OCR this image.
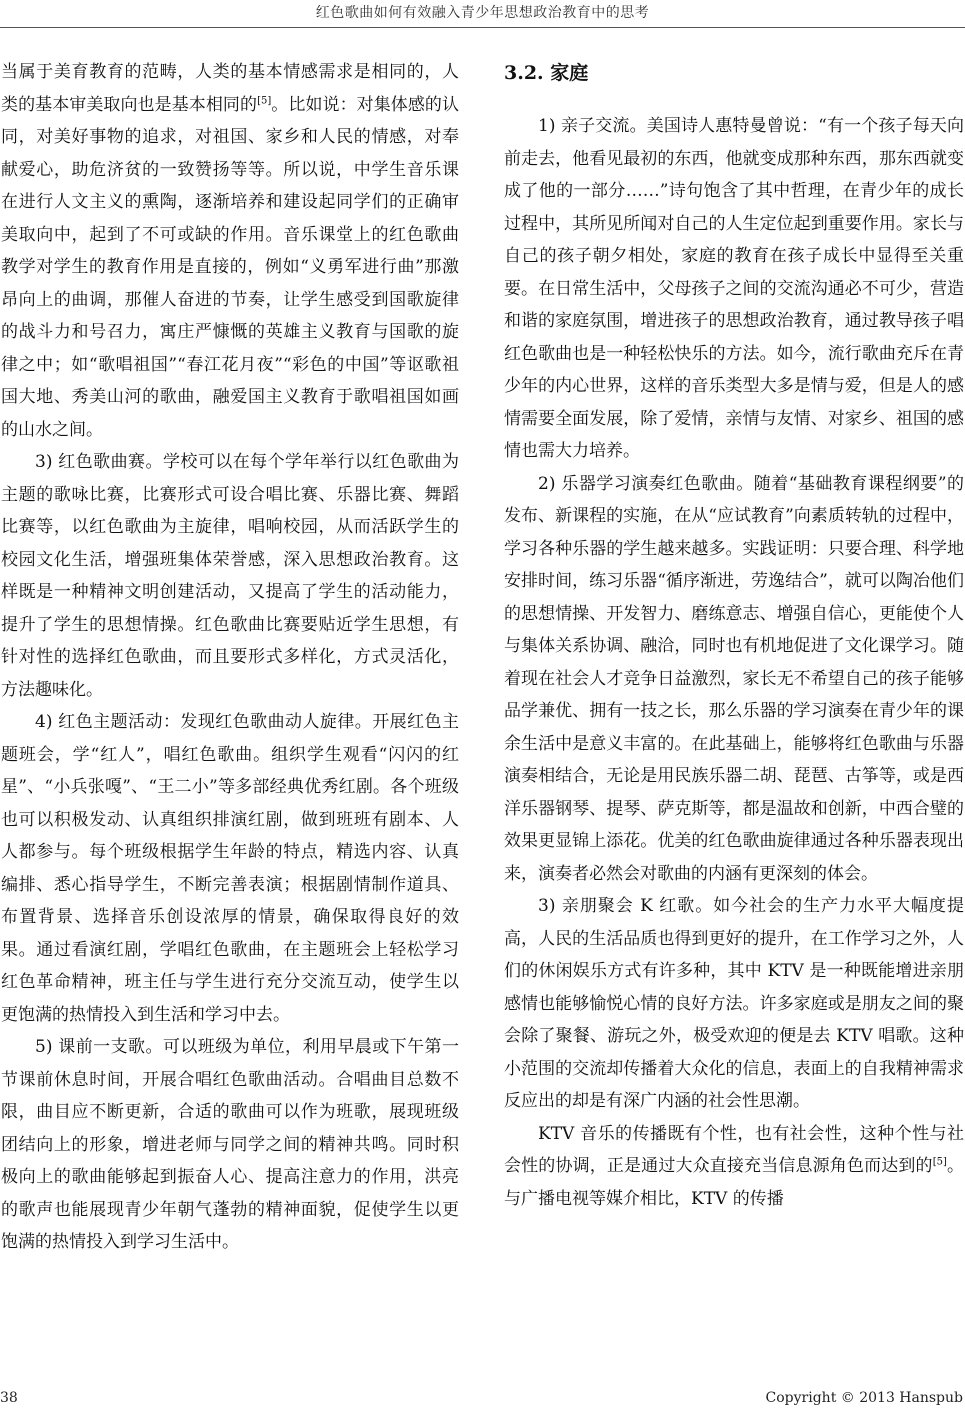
红色歌曲如何有效融入青少年思想政治教育中的思考

当属于美育教育的范畴，人类的基本情感需求是相同的，人类的基本审美取向也是基本相同的[5]。比如说：对集体感的认同，对美好事物的追求，对祖国、家乡和人民的情感，对奉献爱心，助危济贫的一致赞扬等等。所以说，中学生音乐课在进行人文主义的熏陶，逐渐培养和建设起同学们的正确审美取向中，起到了不可或缺的作用。音乐课堂上的红色歌曲教学对学生的教育作用是直接的，例如“义勇军进行曲”那激昂向上的曲调，那催人奋进的节奏，让学生感受到国歌旋律的战斗力和号召力，寓庄严慷慨的英雄主义教育与国歌的旋律之中；如“歌唱祖国”“春江花月夜”“彩色的中国”等讴歌祖国大地、秀美山河的歌曲，融爱国主义教育于歌唱祖国如画的山水之间。

3) 红色歌曲赛。学校可以在每个学年举行以红色歌曲为主题的歌咏比赛，比赛形式可设合唱比赛、乐器比赛、舞蹈比赛等，以红色歌曲为主旋律，唱响校园，从而活跃学生的校园文化生活，增强班集体荣誉感，深入思想政治教育。这样既是一种精神文明创建活动，又提高了学生的活动能力，提升了学生的思想情操。红色歌曲比赛要贴近学生思想，有针对性的选择红色歌曲，而且要形式多样化，方式灵活化，方法趣味化。

4) 红色主题活动：发现红色歌曲动人旋律。开展红色主题班会，学“红人”，唱红色歌曲。组织学生观看“闪闪的红星”、“小兵张嘎”、“王二小”等多部经典优秀红剧。各个班级也可以积极发动、认真组织排演红剧，做到班班有剧本、人人都参与。每个班级根据学生年龄的特点，精选内容、认真编排、悉心指导学生，不断完善表演；根据剧情制作道具、布置背景、选择音乐创设浓厚的情景，确保取得良好的效果。通过看演红剧，学唱红色歌曲，在主题班会上轻松学习红色革命精神，班主任与学生进行充分交流互动，使学生以更饱满的热情投入到生活和学习中去。

5) 课前一支歌。可以班级为单位，利用早晨或下午第一节课前休息时间，开展合唱红色歌曲活动。合唱曲目总数不限，曲目应不断更新，合适的歌曲可以作为班歌，展现班级团结向上的形象，增进老师与同学之间的精神共鸣。同时积极向上的歌曲能够起到振奋人心、提高注意力的作用，洪亮的歌声也能展现青少年朝气蓬勃的精神面貌，促使学生以更饱满的热情投入到学习生活中。

3.2. 家庭

1) 亲子交流。美国诗人惠特曼曾说：“有一个孩子每天向前走去，他看见最初的东西，他就变成那种东西，那东西就变成了他的一部分……”诗句饱含了其中哲理，在青少年的成长过程中，其所见所闻对自己的人生定位起到重要作用。家长与自己的孩子朝夕相处，家庭的教育在孩子成长中显得至关重要。在日常生活中，父母孩子之间的交流沟通必不可少，营造和谐的家庭氛围，增进孩子的思想政治教育，通过教导孩子唱红色歌曲也是一种轻松快乐的方法。如今，流行歌曲充斥在青少年的内心世界，这样的音乐类型大多是情与爱，但是人的感情需要全面发展，除了爱情，亲情与友情、对家乡、祖国的感情也需大力培养。

2) 乐器学习演奏红色歌曲。随着“基础教育课程纲要”的发布、新课程的实施，在从“应试教育”向素质转轨的过程中，学习各种乐器的学生越来越多。实践证明：只要合理、科学地安排时间，练习乐器“循序渐进，劳逸结合”，就可以陶冶他们的思想情操、开发智力、磨练意志、增强自信心，更能使个人与集体关系协调、融洽，同时也有机地促进了文化课学习。随着现在社会人才竞争日益激烈，家长无不希望自己的孩子能够品学兼优、拥有一技之长，那么乐器的学习演奏在青少年的课余生活中是意义丰富的。在此基础上，能够将红色歌曲与乐器演奏相结合，无论是用民族乐器二胡、琵琶、古筝等，或是西洋乐器钢琴、提琴、萨克斯等，都是温故和创新，中西合璧的效果更显锦上添花。优美的红色歌曲旋律通过各种乐器表现出来，演奏者必然会对歌曲的内涵有更深刻的体会。

3) 亲朋聚会 K 红歌。如今社会的生产力水平大幅度提高，人民的生活品质也得到更好的提升，在工作学习之外，人们的休闲娱乐方式有许多种，其中 KTV 是一种既能增进亲朋感情也能够愉悦心情的良好方法。许多家庭或是朋友之间的聚会除了聚餐、游玩之外，极受欢迎的便是去 KTV 唱歌。这种小范围的交流却传播着大众化的信息，表面上的自我精神需求反应出的却是有深广内涵的社会性思潮。

KTV 音乐的传播既有个性，也有社会性，这种个性与社会性的协调，正是通过大众直接充当信息源角色而达到的[5]。与广播电视等媒介相比，KTV 的传播

38	Copyright © 2013 Hanspub
